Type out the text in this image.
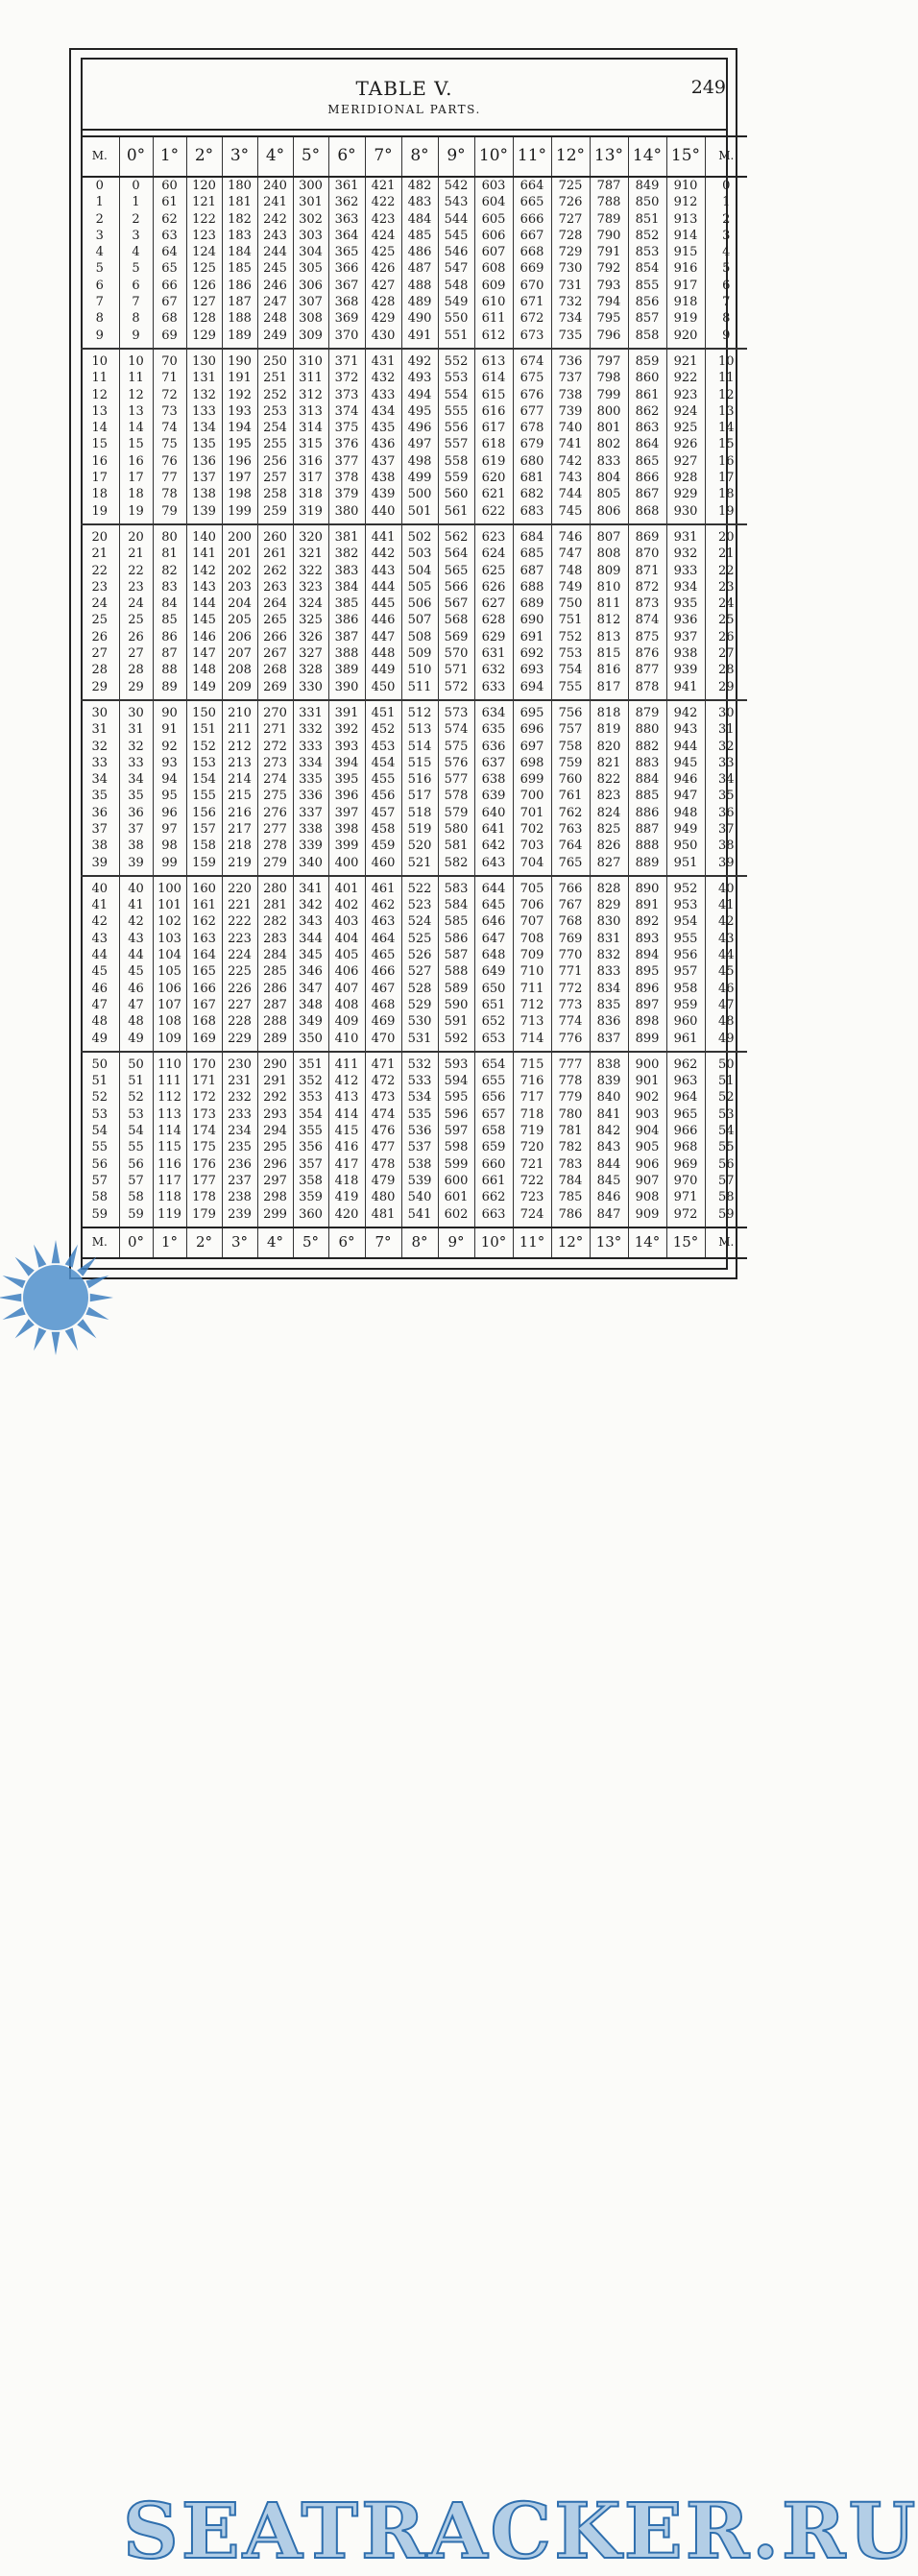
TABLE V.
MERIDIONAL PARTS.
249
M.	0°	1°	2°	3°	4°	5°	6°	7°	8°	9°	10°	11°	12°	13°	14°	15°	M.
0	0	60	120	180	240	300	361	421	482	542	603	664	725	787	849	910	0
1	1	61	121	181	241	301	362	422	483	543	604	665	726	788	850	912	1
2	2	62	122	182	242	302	363	423	484	544	605	666	727	789	851	913	2
3	3	63	123	183	243	303	364	424	485	545	606	667	728	790	852	914	3
4	4	64	124	184	244	304	365	425	486	546	607	668	729	791	853	915	4
5	5	65	125	185	245	305	366	426	487	547	608	669	730	792	854	916	5
6	6	66	126	186	246	306	367	427	488	548	609	670	731	793	855	917	6
7	7	67	127	187	247	307	368	428	489	549	610	671	732	794	856	918	7
8	8	68	128	188	248	308	369	429	490	550	611	672	734	795	857	919	8
9	9	69	129	189	249	309	370	430	491	551	612	673	735	796	858	920	9
10	10	70	130	190	250	310	371	431	492	552	613	674	736	797	859	921	10
11	11	71	131	191	251	311	372	432	493	553	614	675	737	798	860	922	11
12	12	72	132	192	252	312	373	433	494	554	615	676	738	799	861	923	12
13	13	73	133	193	253	313	374	434	495	555	616	677	739	800	862	924	13
14	14	74	134	194	254	314	375	435	496	556	617	678	740	801	863	925	14
15	15	75	135	195	255	315	376	436	497	557	618	679	741	802	864	926	15
16	16	76	136	196	256	316	377	437	498	558	619	680	742	833	865	927	16
17	17	77	137	197	257	317	378	438	499	559	620	681	743	804	866	928	17
18	18	78	138	198	258	318	379	439	500	560	621	682	744	805	867	929	18
19	19	79	139	199	259	319	380	440	501	561	622	683	745	806	868	930	19
20	20	80	140	200	260	320	381	441	502	562	623	684	746	807	869	931	20
21	21	81	141	201	261	321	382	442	503	564	624	685	747	808	870	932	21
22	22	82	142	202	262	322	383	443	504	565	625	687	748	809	871	933	22
23	23	83	143	203	263	323	384	444	505	566	626	688	749	810	872	934	23
24	24	84	144	204	264	324	385	445	506	567	627	689	750	811	873	935	24
25	25	85	145	205	265	325	386	446	507	568	628	690	751	812	874	936	25
26	26	86	146	206	266	326	387	447	508	569	629	691	752	813	875	937	26
27	27	87	147	207	267	327	388	448	509	570	631	692	753	815	876	938	27
28	28	88	148	208	268	328	389	449	510	571	632	693	754	816	877	939	28
29	29	89	149	209	269	330	390	450	511	572	633	694	755	817	878	941	29
30	30	90	150	210	270	331	391	451	512	573	634	695	756	818	879	942	30
31	31	91	151	211	271	332	392	452	513	574	635	696	757	819	880	943	31
32	32	92	152	212	272	333	393	453	514	575	636	697	758	820	882	944	32
33	33	93	153	213	273	334	394	454	515	576	637	698	759	821	883	945	33
34	34	94	154	214	274	335	395	455	516	577	638	699	760	822	884	946	34
35	35	95	155	215	275	336	396	456	517	578	639	700	761	823	885	947	35
36	36	96	156	216	276	337	397	457	518	579	640	701	762	824	886	948	36
37	37	97	157	217	277	338	398	458	519	580	641	702	763	825	887	949	37
38	38	98	158	218	278	339	399	459	520	581	642	703	764	826	888	950	38
39	39	99	159	219	279	340	400	460	521	582	643	704	765	827	889	951	39
40	40	100	160	220	280	341	401	461	522	583	644	705	766	828	890	952	40
41	41	101	161	221	281	342	402	462	523	584	645	706	767	829	891	953	41
42	42	102	162	222	282	343	403	463	524	585	646	707	768	830	892	954	42
43	43	103	163	223	283	344	404	464	525	586	647	708	769	831	893	955	43
44	44	104	164	224	284	345	405	465	526	587	648	709	770	832	894	956	44
45	45	105	165	225	285	346	406	466	527	588	649	710	771	833	895	957	45
46	46	106	166	226	286	347	407	467	528	589	650	711	772	834	896	958	46
47	47	107	167	227	287	348	408	468	529	590	651	712	773	835	897	959	47
48	48	108	168	228	288	349	409	469	530	591	652	713	774	836	898	960	48
49	49	109	169	229	289	350	410	470	531	592	653	714	776	837	899	961	49
50	50	110	170	230	290	351	411	471	532	593	654	715	777	838	900	962	50
51	51	111	171	231	291	352	412	472	533	594	655	716	778	839	901	963	51
52	52	112	172	232	292	353	413	473	534	595	656	717	779	840	902	964	52
53	53	113	173	233	293	354	414	474	535	596	657	718	780	841	903	965	53
54	54	114	174	234	294	355	415	476	536	597	658	719	781	842	904	966	54
55	55	115	175	235	295	356	416	477	537	598	659	720	782	843	905	968	55
56	56	116	176	236	296	357	417	478	538	599	660	721	783	844	906	969	56
57	57	117	177	237	297	358	418	479	539	600	661	722	784	845	907	970	57
58	58	118	178	238	298	359	419	480	540	601	662	723	785	846	908	971	58
59	59	119	179	239	299	360	420	481	541	602	663	724	786	847	909	972	59
M.	0°	1°	2°	3°	4°	5°	6°	7°	8°	9°	10°	11°	12°	13°	14°	15°	M.
SEATRACKER.RU
